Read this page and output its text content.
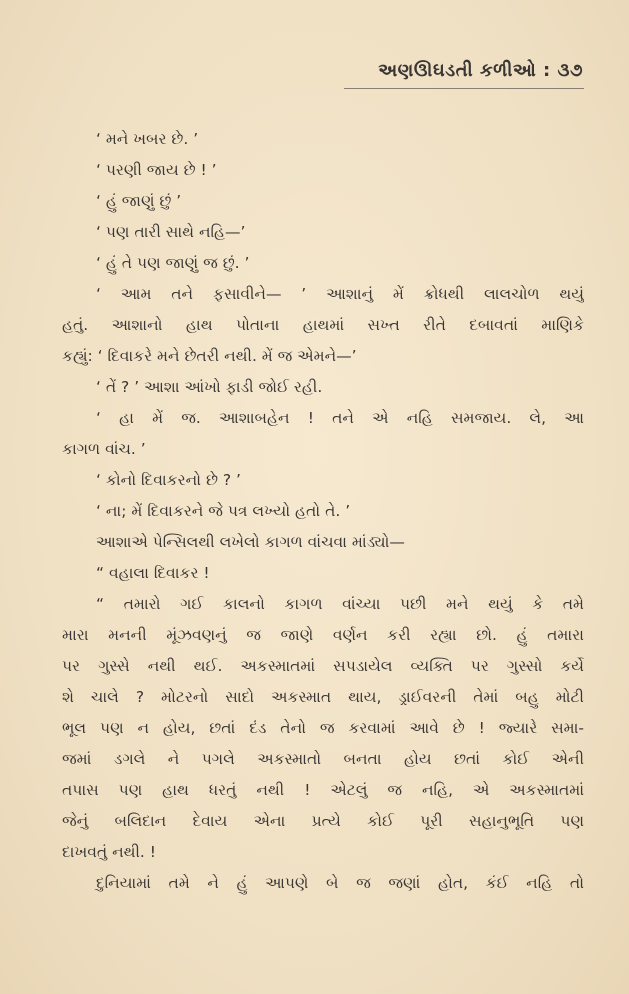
અણઊઘડતી કળીઓ : ૩૭
‘ મને ખબર છે. ’
‘ પરણી જાય છે ! ’
‘ હું જાણું છું ’
‘ પણ તારી સાથે નહિ—’
‘ હું તે પણ જાણું જ છું. ’
‘ આમ તને ફસાવીને— ’ આશાનું મેં ક્રોધથી લાલચોળ થયું
હતું. આશાનો હાથ પોતાના હાથમાં સખ્ત રીતે દબાવતાં માણિકે
કહ્યું: ‘ દિવાકરે મને છેતરી નથી. મેં જ એમને—’
‘ તેં ? ’ આશા આંખો ફાડી જોઈ રહી.
‘ હા મેં જ. આશાબહેન ! તને એ નહિ સમજાય. લે, આ
કાગળ વાંચ. ’
‘ કોનો દિવાકરનો છે ? ’
‘ ના; મેં દિવાકરને જે પત્ર લખ્યો હતો તે. ’
આશાએ પેન્સિલથી લખેલો કાગળ વાંચવા માંડ્યો—
“ વહાલા દિવાકર !
“ તમારો ગઈ કાલનો કાગળ વાંચ્યા પછી મને થયું કે તમે
મારા મનની મૂંઝવણનું જ જાણે વર્ણન કરી રહ્યા છો. હું તમારા
પર ગુસ્સે નથી થઈ. અકસ્માતમાં સપડાયેલ વ્યક્તિ પર ગુસ્સો કર્યે
શે ચાલે ? મોટરનો સાદો અકસ્માત થાય, ડ્રાઈવરની તેમાં બહુ મોટી
ભૂલ પણ ન હોય, છતાં દંડ તેનો જ કરવામાં આવે છે ! જ્યારે સમા-
જમાં ડગલે ને પગલે અકસ્માતો બનતા હોય છતાં કોઈ એની
તપાસ પણ હાથ ધરતું નથી ! એટલું જ નહિ, એ અકસ્માતમાં
જેનું બલિદાન દેવાય એના પ્રત્યે કોઈ પૂરી સહાનુભૂતિ પણ
દાખવતું નથી. !
દુનિયામાં તમે ને હું આપણે બે જ જણાં હોત, કંઈ નહિ તો
